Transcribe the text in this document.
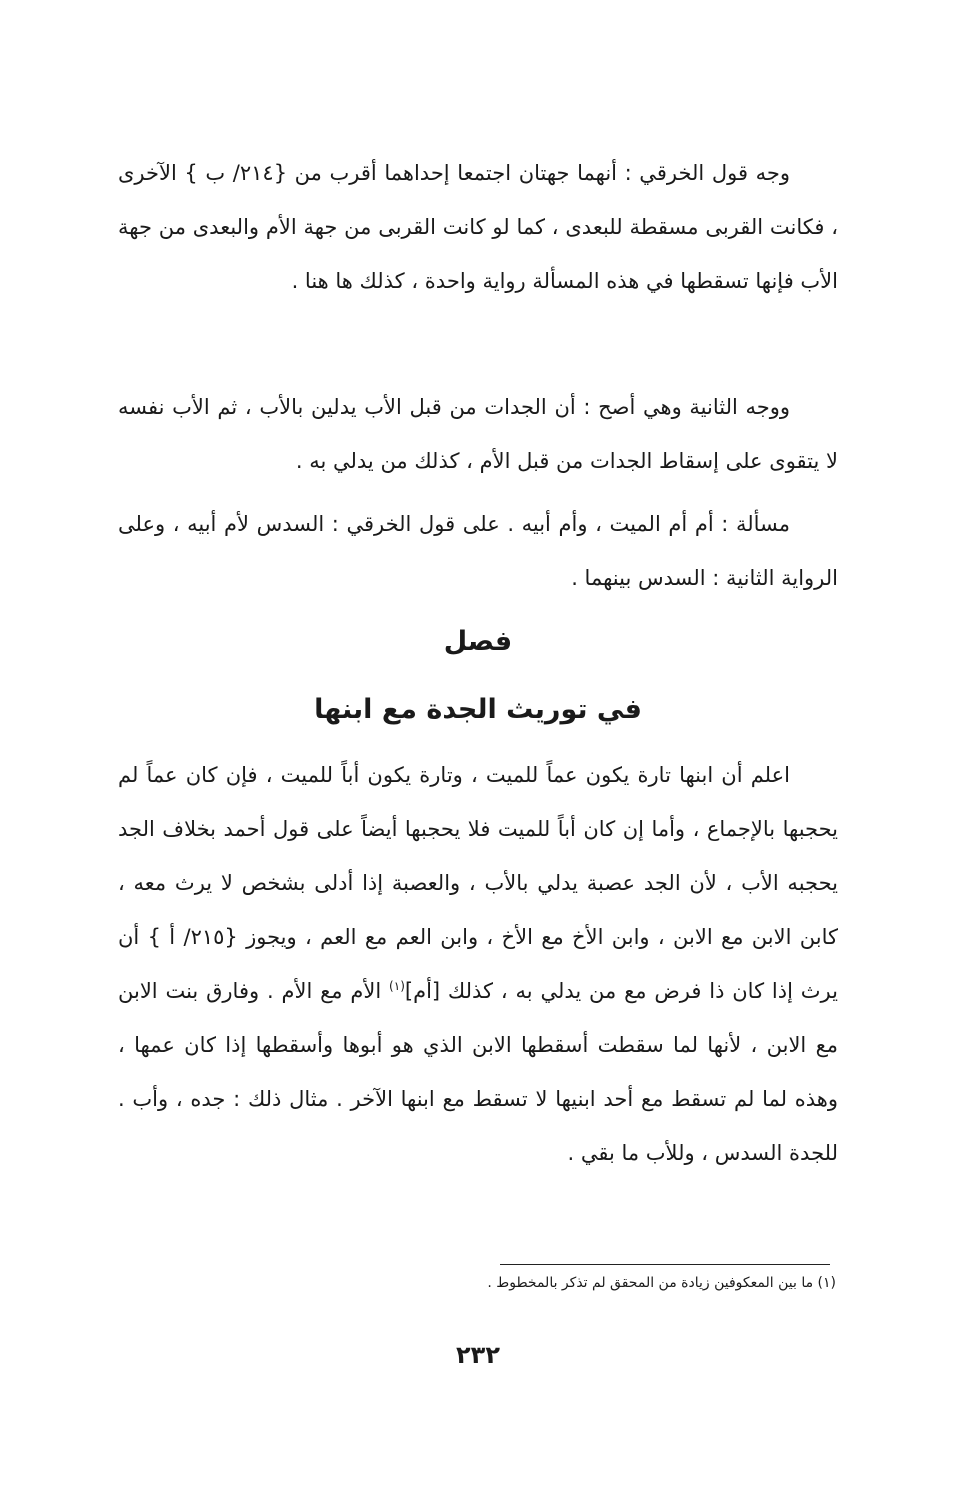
وجه قول الخرقي : أنهما جهتان اجتمعا إحداهما أقرب من {٢١٤/ ب } الآخرى ، فكانت القربى مسقطة للبعدى ، كما لو كانت القربى من جهة الأم والبعدى من جهة الأب فإنها تسقطها في هذه المسألة رواية واحدة ، كذلك ها هنا .

ووجه الثانية وهي أصح : أن الجدات من قبل الأب يدلين بالأب ، ثم الأب نفسه لا يتقوى على إسقاط الجدات من قبل الأم ، كذلك من يدلي به .

مسألة : أم أم الميت ، وأم أبيه . على قول الخرقي : السدس لأم أبيه ، وعلى الرواية الثانية : السدس بينهما .

فصل
في توريث الجدة مع ابنها

اعلم أن ابنها تارة يكون عماً للميت ، وتارة يكون أباً للميت ، فإن كان عماً لم يحجبها بالإجماع ، وأما إن كان أباً للميت فلا يحجبها أيضاً على قول أحمد بخلاف الجد يحجبه الأب ، لأن الجد عصبة يدلي بالأب ، والعصبة إذا أدلى بشخص لا يرث معه ، كابن الابن مع الابن ، وابن الأخ مع الأخ ، وابن العم مع العم ، ويجوز {٢١٥/ أ } أن يرث إذا كان ذا فرض مع من يدلي به ، كذلك [أم]$^{(١)}$ الأم مع الأم . وفارق بنت الابن مع الابن ، لأنها لما سقطت أسقطها الابن الذي هو أبوها وأسقطها إذا كان عمها ، وهذه لما لم تسقط مع أحد ابنيها لا تسقط مع ابنها الآخر . مثال ذلك : جده ، وأب . للجدة السدس ، وللأب ما بقي .

(١) ما بين المعكوفين زيادة من المحقق لم تذكر بالمخطوط .

٢٣٢
